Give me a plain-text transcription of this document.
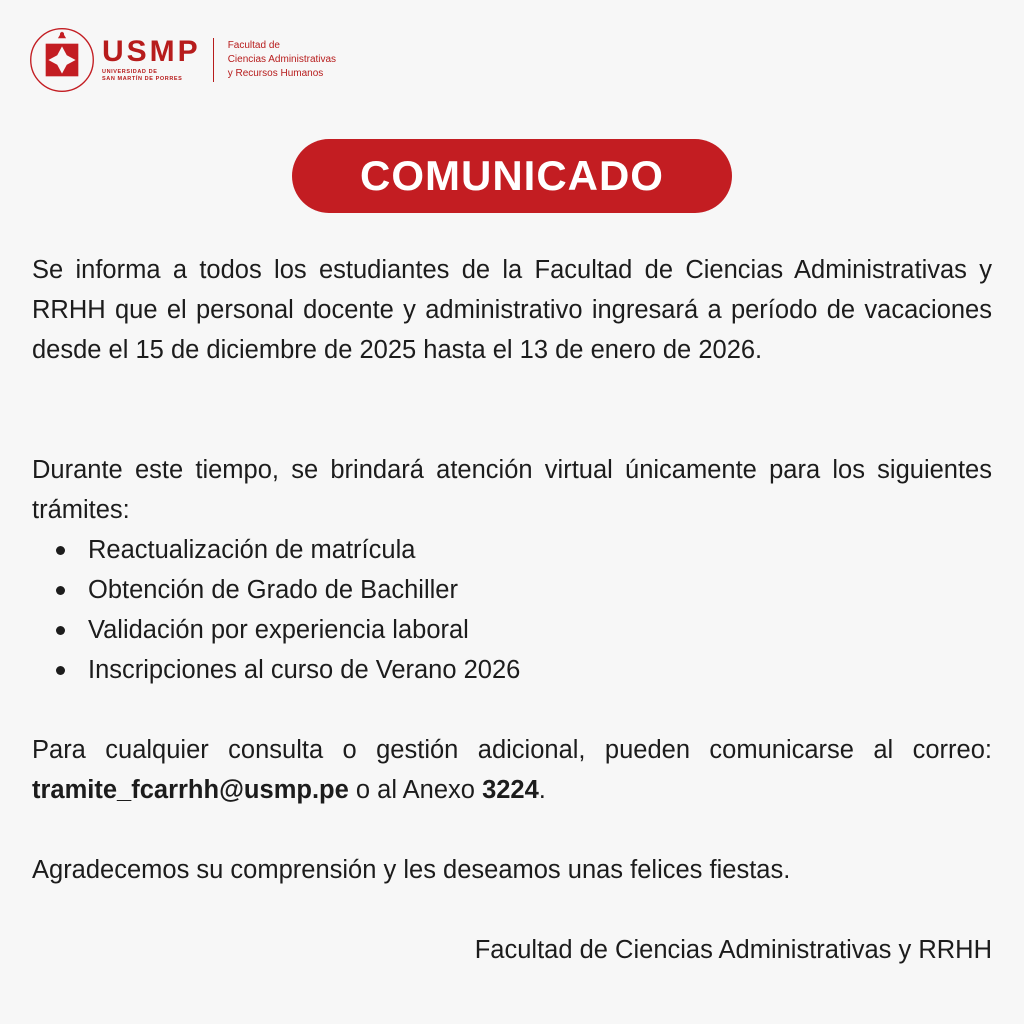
USMP
UNIVERSIDAD DE
SAN MARTÍN DE PORRES
Facultad de
Ciencias Administrativas
y Recursos Humanos
COMUNICADO

Se informa a todos los estudiantes de la Facultad de Ciencias Administrativas y RRHH que el personal docente y administrativo ingresará a período de vacaciones desde el 15 de diciembre de 2025 hasta el 13 de enero de 2026.

Durante este tiempo, se brindará atención virtual únicamente para los siguientes trámites:

Reactualización de matrícula
Obtención de Grado de Bachiller
Validación por experiencia laboral
Inscripciones al curso de Verano 2026

Para cualquier consulta o gestión adicional, pueden comunicarse al correo: tramite_fcarrhh@usmp.pe o al Anexo 3224.

Agradecemos su comprensión y les deseamos unas felices fiestas.

Facultad de Ciencias Administrativas y RRHH
